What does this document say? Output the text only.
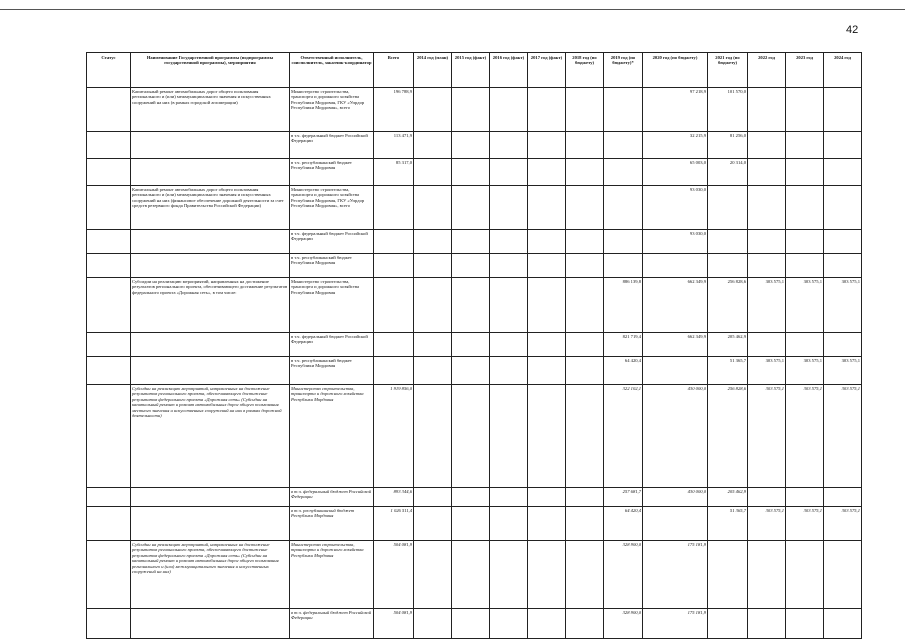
42
Статус	Наименование Государственной программы (подпрограммы государственной программы), мероприятия	Ответственный исполнитель, соисполнитель, заказчик-координатор	Всего	2014 год (план)	2015 год (факт)	2016 год (факт)	2017 год (факт)	2018 год (по бюджету)	2019 год (по бюджету)*	2020 год (по бюджету)	2021 год (по бюджету)	2022 год	2023 год	2024 год
	Капитальный ремонт автомобильных дорог общего пользования регионального и (или) межмуниципального значения и искусственных сооружений на них (в рамках городской агломерации)	Министерство строительства, транспорта и дорожного хозяйства Республики Мордовия, ГКУ «Упрдор Республики Мордовия», всего	196 788,9							97 218,9	101 570,0			
		в т.ч. федеральный бюджет Российской Федерации	113 471,9							32 215,9	81 256,0			
		в т.ч. республиканский бюджет Республики Мордовия	85 317,0							65 003,0	20 314,0			
	Капитальный ремонт автомобильных дорог общего пользования регионального и (или) межмуниципального значения и искусственных сооружений на них (финансовое обеспечение дорожной деятельности за счет средств резервного фонда Правительства Российской Федерации)	Министерство строительства, транспорта и дорожного хозяйства Республики Мордовия, ГКУ «Упрдор Республики Мордовия», всего								93 030,0				
		в т.ч. федеральный бюджет Российской Федерации								93 030,0				
		в т.ч. республиканский бюджет Республики Мордовия												
	Субсидии на реализацию мероприятий, направленных на достижение результатов регионального проекта, обеспечивающего достижение результатов федерального проекта «Дорожная сеть», в том числе:	Министерство строительства, транспорта и дорожного хозяйства Республики Мордовия							886 139,8	662 349,9	256 828,6	303 575,1	303 575,1	303 575,1
		в т.ч. федеральный бюджет Российской Федерации							821 719,4	662 349,9	205 462,9			
		в т.ч. республиканский бюджет Республики Мордовия							64 420,4		51 365,7	303 575,1	303 575,1	303 575,1
	Субсидии на реализацию мероприятий, направленных на достижение результатов регионального проекта, обеспечивающего достижение результатов федерального проекта «Дорожная сеть» (Субсидии на капитальный ремонт и ремонт автомобильных дорог общего пользования местного значения и искусственных сооружений на них в рамках дорожной деятельности)	Министерство строительства, транспорта и дорожного хозяйства Республики Мордовия	1 919 856,0						322 102,1	430 000,0	256 828,6	303 575,1	303 575,1	303 575,1
		в т.ч. федеральный бюджет Российской Федерации	893 344,6						257 681,7	430 000,0	205 462,9			
		в т.ч. республиканский бюджет Республики Мордовия	1 026 511,4						64 420,4		51 365,7	303 575,1	303 575,1	303 575,1
	Субсидии на реализацию мероприятий, направленных на достижение результатов регионального проекта, обеспечивающего достижение результатов федерального проекта «Дорожная сеть» (Субсидии на капитальный ремонт и ремонт автомобильных дорог общего пользования регионального и (или) межмуниципального значения и искусственных сооружений на них)	Министерство строительства, транспорта и дорожного хозяйства Республики Мордовия	504 081,9						328 900,0	175 181,9				
		в т.ч. федеральный бюджет Российской Федерации	504 081,9						328 900,0	175 181,9				
